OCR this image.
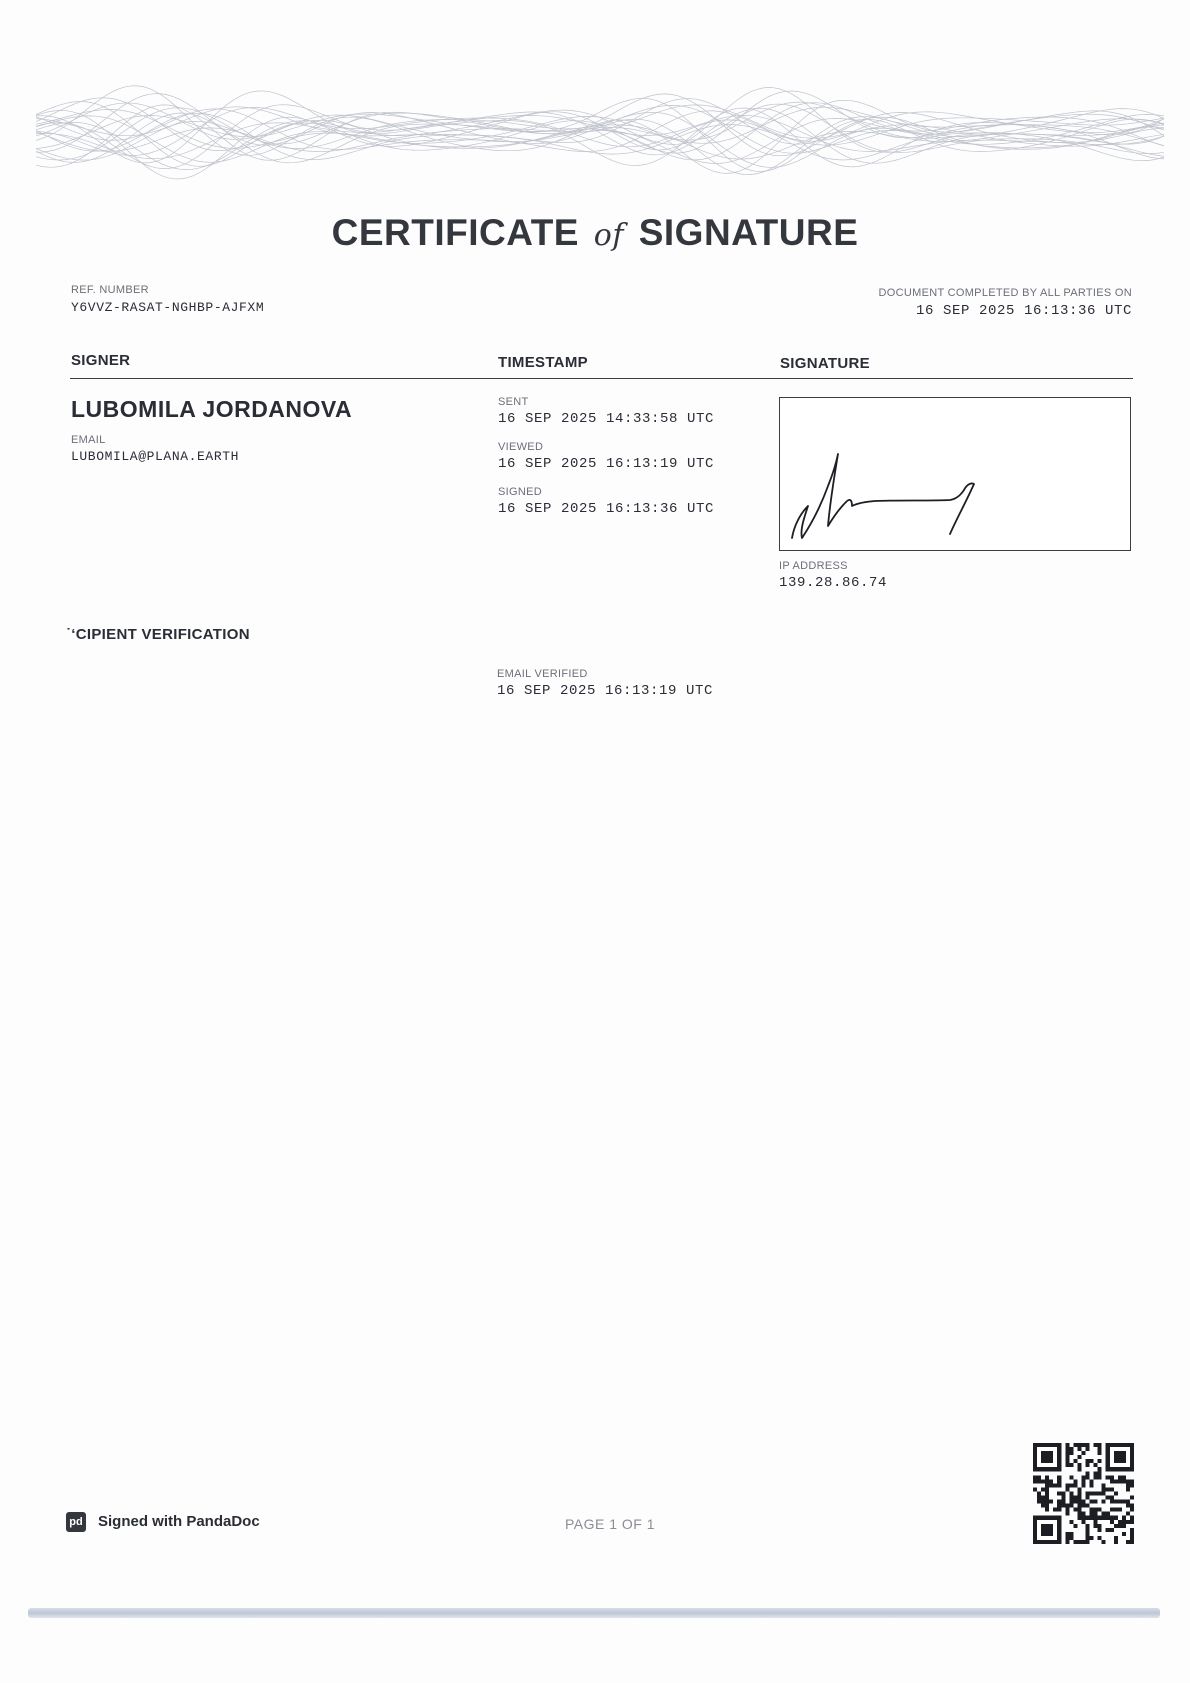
CERTIFICATE of SIGNATURE
REF. NUMBER
Y6VVZ-RASAT-NGHBP-AJFXM
DOCUMENT COMPLETED BY ALL PARTIES ON
16 SEP 2025 16:13:36 UTC
SIGNER	TIMESTAMP	SIGNATURE
LUBOMILA JORDANOVA
EMAIL
LUBOMILA@PLANA.EARTH
SENT
16 SEP 2025 14:33:58 UTC
VIEWED
16 SEP 2025 16:13:19 UTC
SIGNED
16 SEP 2025 16:13:36 UTC
IP ADDRESS
139.28.86.74
˙‘CIPIENT VERIFICATION
EMAIL VERIFIED
16 SEP 2025 16:13:19 UTC
pd Signed with PandaDoc	PAGE 1 OF 1
